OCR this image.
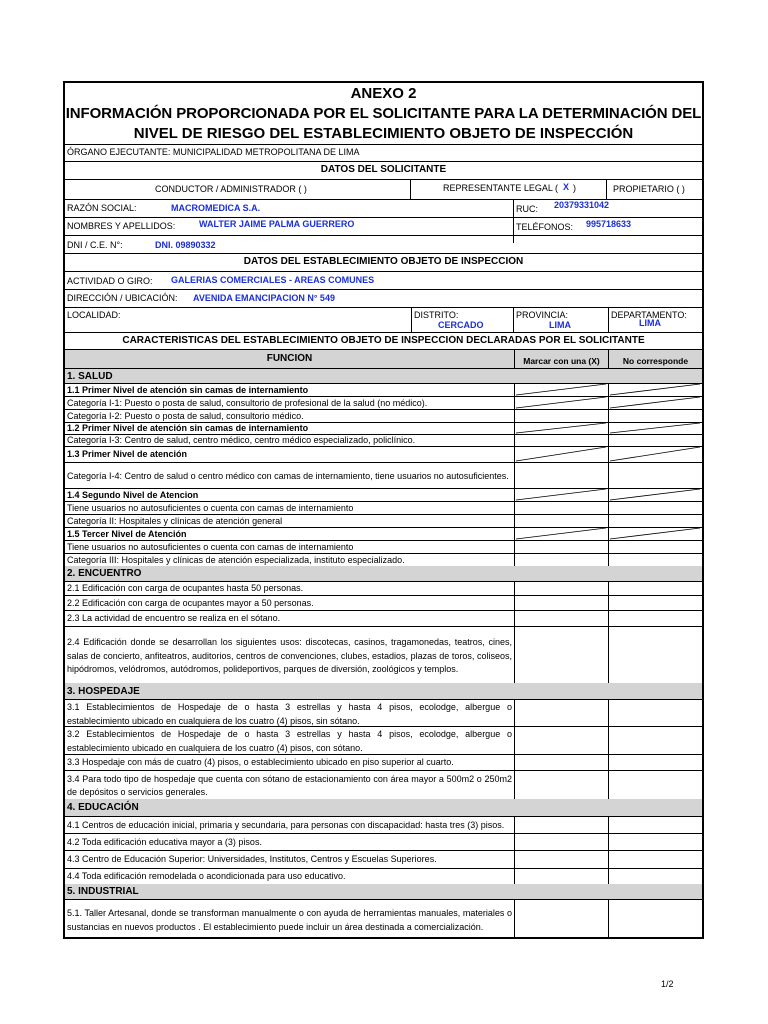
ANEXO 2
INFORMACIÓN PROPORCIONADA POR EL SOLICITANTE PARA LA DETERMINACIÓN DEL
NIVEL DE RIESGO DEL ESTABLECIMIENTO OBJETO DE INSPECCIÓN
ÓRGANO EJECUTANTE: MUNICIPALIDAD METROPOLITANA DE LIMA
DATOS DEL SOLICITANTE
CONDUCTOR / ADMINISTRADOR ( )	REPRESENTANTE LEGAL ( X )	PROPIETARIO ( )
RAZÓN SOCIAL:	MACROMEDICA S.A.	RUC: 20379331042
NOMBRES Y APELLIDOS:	WALTER JAIME PALMA GUERRERO	TELÉFONOS: 995718633
DNI / C.E. N°:	DNI. 09890332
DATOS DEL ESTABLECIMIENTO OBJETO DE INSPECCIÓN
ACTIVIDAD O GIRO: GALERIAS COMERCIALES - AREAS COMUNES
DIRECCIÓN / UBICACIÓN: AVENIDA EMANCIPACION N° 549
LOCALIDAD:	DISTRITO:
CERCADO
PROVINCIA:
LIMA
DEPARTAMENTO:
LIMA
CARACTERÍSTICAS DEL ESTABLECIMIENTO OBJETO DE INSPECCIÓN DECLARADAS POR EL SOLICITANTE
FUNCIÓN	Marcar con una (X)	No corresponde
1. SALUD
1.1 Primer Nivel de atención sin camas de internamiento
Categoría I-1: Puesto o posta de salud, consultorio de profesional de la salud (no médico).
Categoría I-2: Puesto o posta de salud, consultorio médico.
1.2 Primer Nivel de atención sin camas de internamiento
Categoría I-3: Centro de salud, centro médico, centro médico especializado, policlínico.
1.3 Primer Nivel de atención
Categoría I-4: Centro de salud o centro médico con camas de internamiento, tiene usuarios no autosuficientes.
1.4 Segundo Nivel de Atencion
Tiene usuarios no autosuficientes o cuenta con camas de internamiento
Categoría II: Hospitales y clínicas de atención general
1.5 Tercer Nivel de Atención
Tiene usuarios no autosuficientes o cuenta con camas de internamiento
Categoría III: Hospitales y clínicas de atención especializada, instituto especializado.
2. ENCUENTRO
2.1 Edificación con carga de ocupantes hasta 50 personas.
2.2 Edificación con carga de ocupantes mayor a 50 personas.
2.3 La actividad de encuentro se realiza en el sótano.
2.4 Edificación donde se desarrollan los siguientes usos: discotecas, casinos, tragamonedas, teatros, cines, salas de concierto, anfiteatros, auditorios, centros de convenciones, clubes, estadios, plazas de toros, coliseos, hipódromos, velódromos, autódromos, polideportivos, parques de diversión, zoológicos y templos.
3. HOSPEDAJE
3.1 Establecimientos de Hospedaje de o hasta 3 estrellas y hasta 4 pisos, ecolodge, albergue o establecimiento ubicado en cualquiera de los cuatro (4) pisos, sin sótano.
3.2 Establecimientos de Hospedaje de o hasta 3 estrellas y hasta 4 pisos, ecolodge, albergue o establecimiento ubicado en cualquiera de los cuatro (4) pisos, con sótano.
3.3 Hospedaje con más de cuatro (4) pisos, o establecimiento ubicado en piso superior al cuarto.
3.4 Para todo tipo de hospedaje que cuenta con sótano de estacionamiento con área mayor a 500m2 o 250m2 de depósitos o servicios generales.
4. EDUCACIÓN
4.1 Centros de educación inicial, primaria y secundaria, para personas con discapacidad: hasta tres (3) pisos.
4.2 Toda edificación educativa mayor a (3) pisos.
4.3 Centro de Educación Superior: Universidades, Institutos, Centros y Escuelas Superiores.
4.4 Toda edificación remodelada o acondicionada para uso educativo.
5. INDUSTRIAL
5.1. Taller Artesanal, donde se transforman manualmente o con ayuda de herramientas manuales, materiales o sustancias en nuevos productos . El establecimiento puede incluir un área destinada a comercialización.
1/2
